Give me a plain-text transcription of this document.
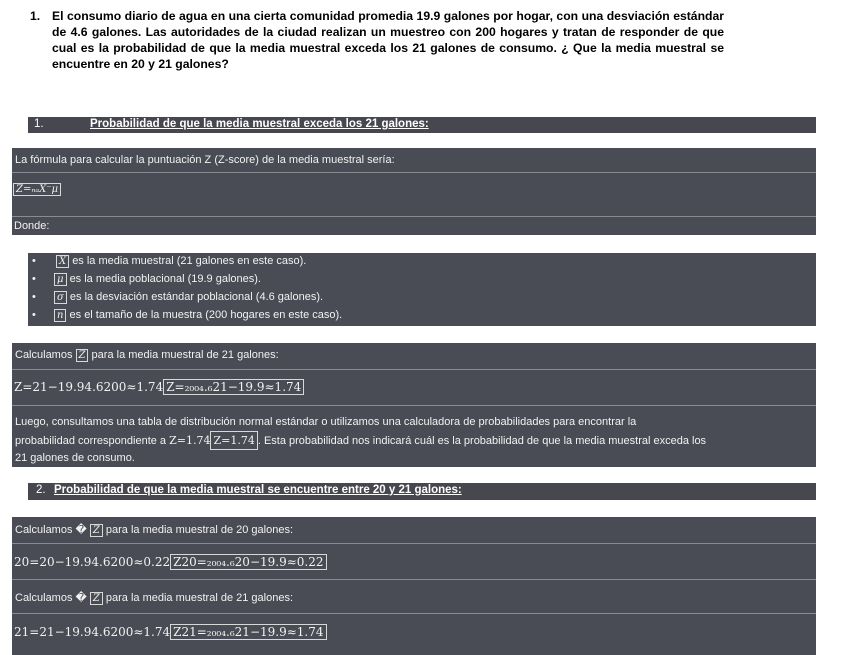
1. El consumo diario de agua en una cierta comunidad promedia 19.9 galones por hogar, con una desviación estándar de 4.6 galones. Las autoridades de la ciudad realizan un muestreo con 200 hogares y tratan de responder de que cual es la probabilidad de que la media muestral exceda los 21 galones de consumo. ¿ Que la media muestral se encuentre en 20 y 21 galones?
1.	Probabilidad de que la media muestral exceda los 21 galones:
La fórmula para calcular la puntuación Z (Z-score) de la media muestral sería:
Z=ₙₐX⁻μ
Donde:
•	X es la media muestral (21 galones en este caso).
•	μ es la media poblacional (19.9 galones).
•	σ es la desviación estándar poblacional (4.6 galones).
•	n es el tamaño de la muestra (200 hogares en este caso).
Calculamos Z para la media muestral de 21 galones:
Z=21−19.94.6200≈1.74 Z=₂₀₀₄.₆21−19.9≈1.74
Luego, consultamos una tabla de distribución normal estándar o utilizamos una calculadora de probabilidades para encontrar la
probabilidad correspondiente a Z=1.74 Z=1.74 . Esta probabilidad nos indicará cuál es la probabilidad de que la media muestral exceda los
21 galones de consumo.
2. Probabilidad de que la media muestral se encuentre entre 20 y 21 galones:
Calculamos � Z para la media muestral de 20 galones:
20=20−19.94.6200≈0.22 Z20=₂₀₀₄.₆20−19.9≈0.22
Calculamos � Z para la media muestral de 21 galones:
21=21−19.94.6200≈1.74 Z21=₂₀₀₄.₆21−19.9≈1.74
